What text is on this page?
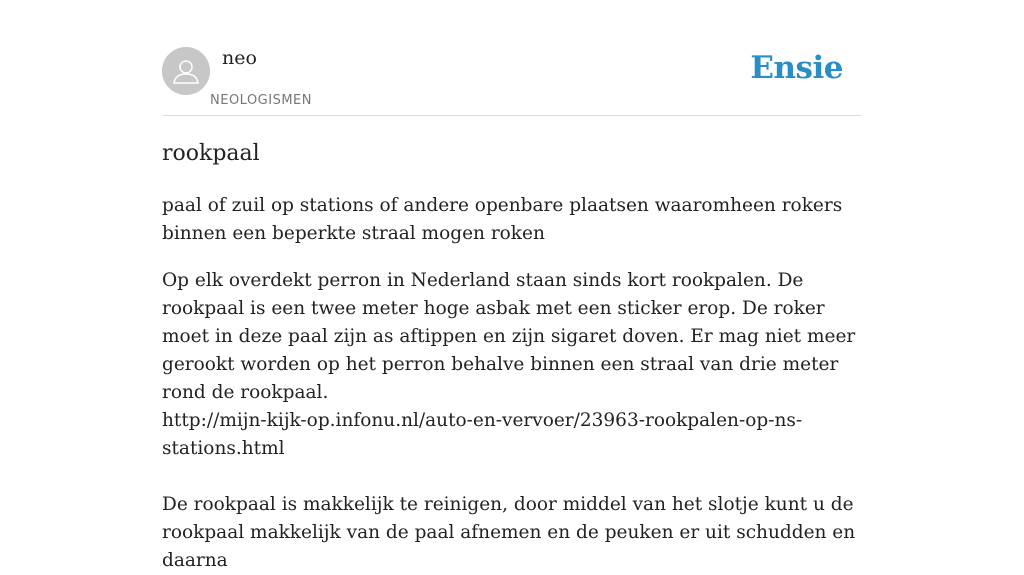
neo
NEOLOGISMEN
Ensie
rookpaal

paal of zuil op stations of andere openbare plaatsen waaromheen rokers binnen een beperkte straal mogen roken

Op elk overdekt perron in Nederland staan sinds kort rookpalen. De rookpaal is een twee meter hoge asbak met een sticker erop. De roker moet in deze paal zijn as aftippen en zijn sigaret doven. Er mag niet meer gerookt worden op het perron behalve binnen een straal van drie meter rond de rookpaal.
http://mijn-kijk-op.infonu.nl/auto-en-vervoer/23963-rookpalen-op-ns-stations.html

De rookpaal is makkelijk te reinigen, door middel van het slotje kunt u de rookpaal makkelijk van de paal afnemen en de peuken er uit schudden en daarna
